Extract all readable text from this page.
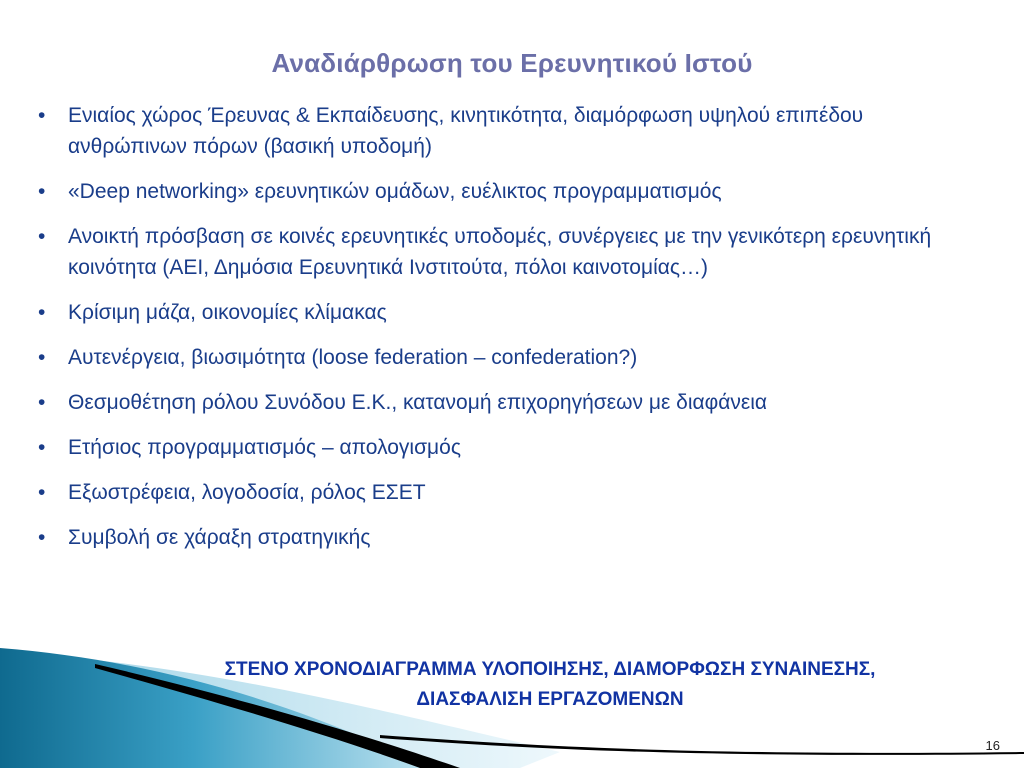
Αναδιάρθρωση του Ερευνητικού Ιστού
• Ενιαίος χώρος Έρευνας & Εκπαίδευσης, κινητικότητα, διαμόρφωση υψηλού επιπέδου ανθρώπινων πόρων (βασική υποδομή)
• «Deep networking» ερευνητικών ομάδων, ευέλικτος προγραμματισμός
• Ανοικτή πρόσβαση σε κοινές ερευνητικές υποδομές, συνέργειες με την γενικότερη ερευνητική κοινότητα (ΑΕΙ, Δημόσια Ερευνητικά Ινστιτούτα, πόλοι καινοτομίας…)
• Κρίσιμη μάζα, οικονομίες κλίμακας
• Αυτενέργεια, βιωσιμότητα (loose federation – confederation?)
• Θεσμοθέτηση ρόλου Συνόδου Ε.Κ., κατανομή επιχορηγήσεων με διαφάνεια
• Ετήσιος προγραμματισμός – απολογισμός
• Εξωστρέφεια, λογοδοσία, ρόλος ΕΣΕΤ
• Συμβολή σε χάραξη στρατηγικής
ΣΤΕΝΟ ΧΡΟΝΟΔΙΑΓΡΑΜΜΑ ΥΛΟΠΟΙΗΣΗΣ, ΔΙΑΜΟΡΦΩΣΗ ΣΥΝΑΙΝΕΣΗΣ,
ΔΙΑΣΦΑΛΙΣΗ ΕΡΓΑΖΟΜΕΝΩΝ
16
